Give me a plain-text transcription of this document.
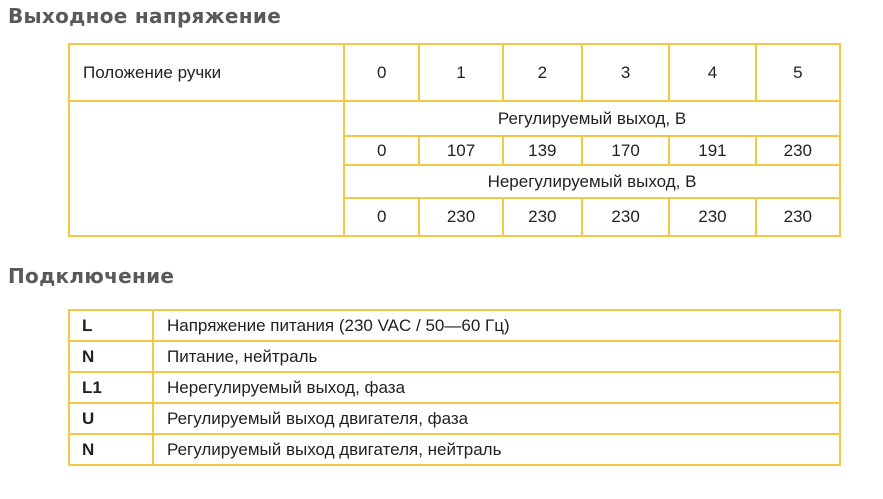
Выходное напряжение
Положение ручки	0	1	2	3	4	5
	Регулируемый выход, В					
	0	107	139	170	191	230
	Нерегулируемый выход, В					
	0	230	230	230	230	230
Подключение
L	Напряжение питания (230 VAC / 50—60 Гц)
N	Питание, нейтраль
L1	Нерегулируемый выход, фаза
U	Регулируемый выход двигателя, фаза
N	Регулируемый выход двигателя, нейтраль
